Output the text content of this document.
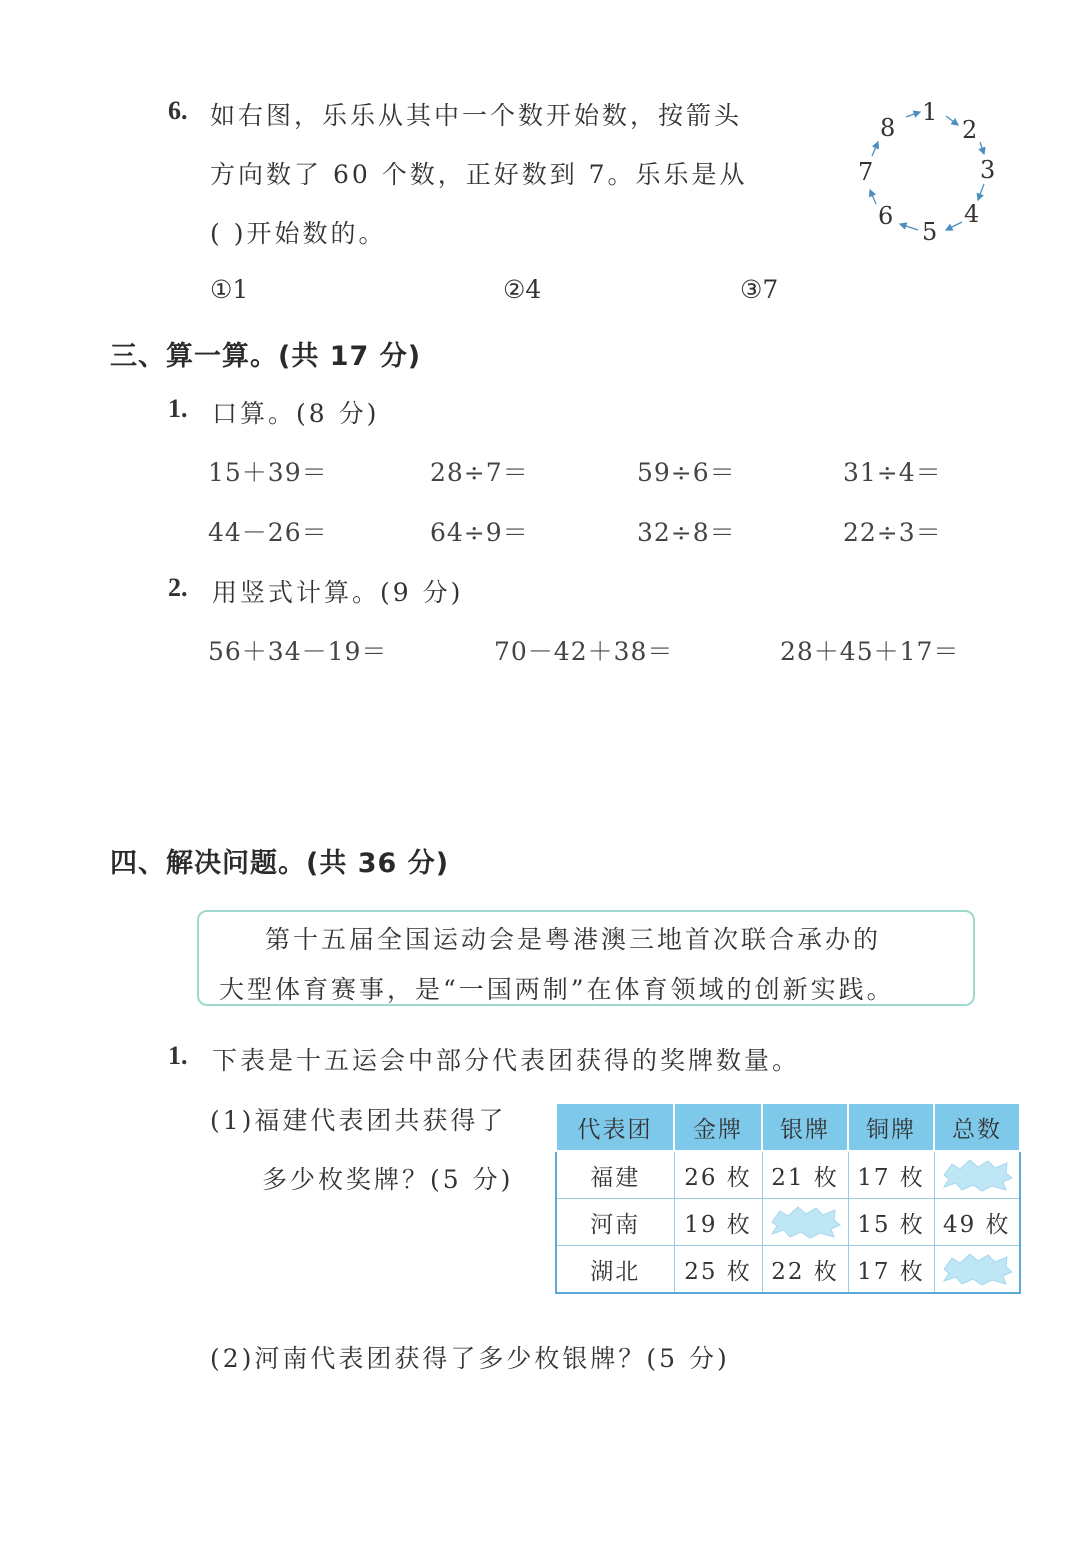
6. 如右图，乐乐从其中一个数开始数，按箭头
方向数了 60 个数，正好数到 7。乐乐是从
( )开始数的。
①1	②4	③7
1
2
3
4
5
6
7
8
三、算一算。(共 17 分)
1. 口算。(8 分)
15＋39＝	28÷7＝	59÷6＝	31÷4＝
44－26＝	64÷9＝	32÷8＝	22÷3＝
2. 用竖式计算。(9 分)
56＋34－19＝	70－42＋38＝	28＋45＋17＝
四、解决问题。(共 36 分)
第十五届全国运动会是粤港澳三地首次联合承办的
大型体育赛事，是“一国两制”在体育领域的创新实践。
1. 下表是十五运会中部分代表团获得的奖牌数量。
(1)福建代表团共获得了
多少枚奖牌？(5 分)
代表团	金牌	银牌	铜牌	总数
福建	26 枚	21 枚	17 枚	
河南	19 枚		15 枚	49 枚
湖北	25 枚	22 枚	17 枚	
(2)河南代表团获得了多少枚银牌？(5 分)
